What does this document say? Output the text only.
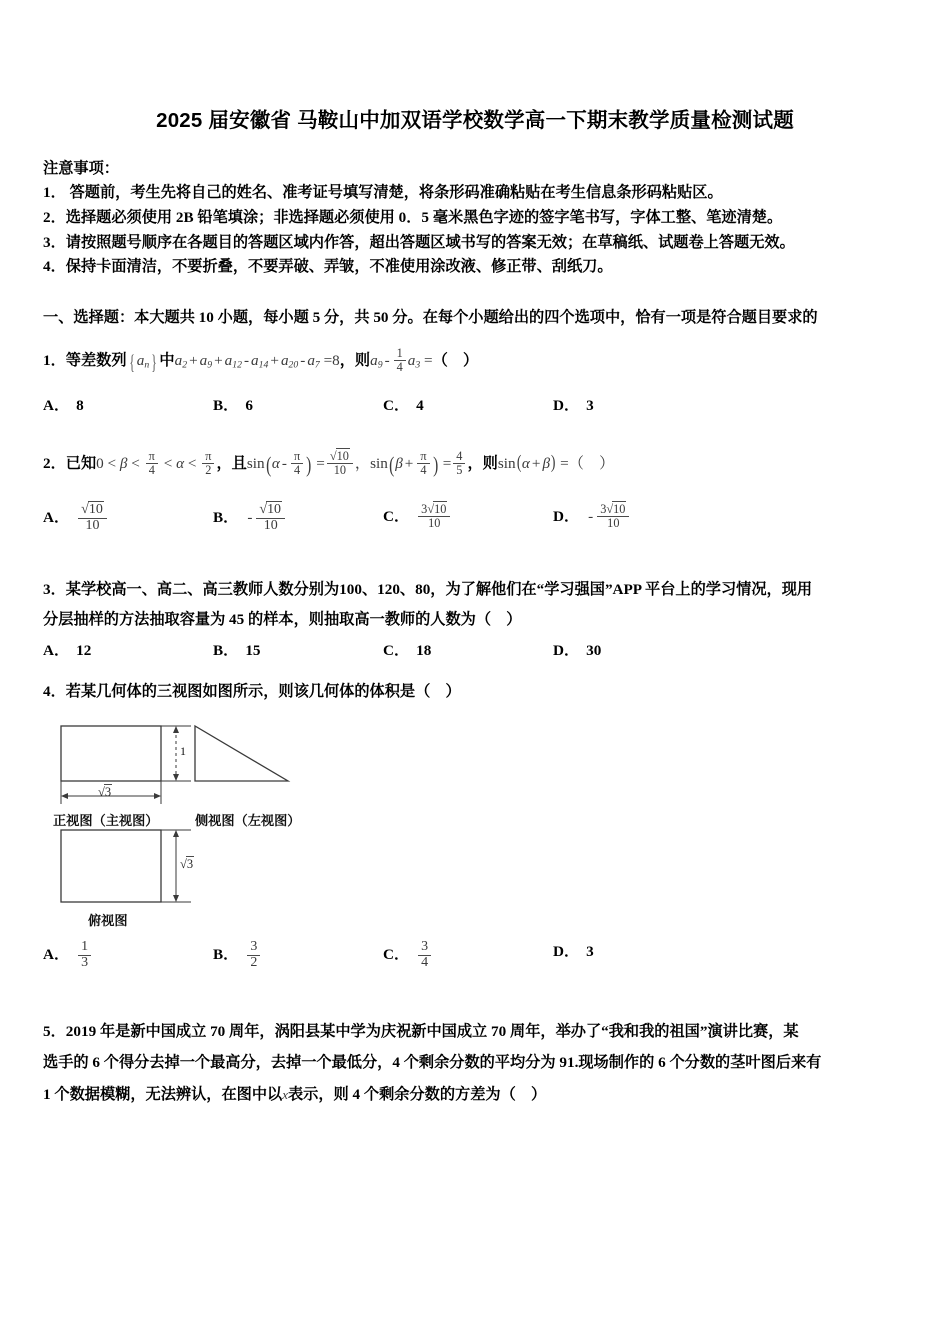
2025 届安徽省 马鞍山中加双语学校数学高一下期末教学质量检测试题
注意事项：
1． 答题前，考生先将自己的姓名、准考证号填写清楚，将条形码准确粘贴在考生信息条形码粘贴区。
2．选择题必须使用 2B 铅笔填涂；非选择题必须使用 0．5 毫米黑色字迹的签字笔书写，字体工整、笔迹清楚。
3．请按照题号顺序在各题目的答题区域内作答，超出答题区域书写的答案无效；在草稿纸、试题卷上答题无效。
4．保持卡面清洁，不要折叠，不要弄破、弄皱，不准使用涂改液、修正带、刮纸刀。
一、选择题：本大题共 10 小题，每小题 5 分，共 50 分。在每个小题给出的四个选项中，恰有一项是符合题目要求的
1．等差数列 { $a_n$ } 中$a_2 + a_9 + a_{12} - a_{14} + a_{20} - a_7 =8$，则$a_9 - \frac{1}{4} a_3$ =（　）
A． 8	B． 6	C． 4	D． 3
2．已知$0 < \beta < \frac{\pi}{4} < \alpha < \frac{\pi}{2}$ ，且$\sin(\alpha - \frac{\pi}{4}$ ) = $\frac{√10}{10}$ ，$\sin(\beta + \frac{\pi}{4}$ ) = $\frac{4}{5}$ ，则sin(α + β) =（　）
A． $\frac{√10}{10}$	B． - $\frac{√10}{10}$	C． $\frac{3√10}{10}$	D． - $\frac{3√10}{10}$
3．某学校高一、高二、高三教师人数分别为100、120、80，为了解他们在“学习强国”APP 平台上的学习情况，现用
分层抽样的方法抽取容量为 45 的样本，则抽取高一教师的人数为（　）
A． 12	B． 15	C． 18	D． 30
4．若某几何体的三视图如图所示，则该几何体的体积是（　）
1
√3
√3
正视图（主视图）	侧视图（左视图）
俯视图
A． $\frac{1}{3}$	B． $\frac{3}{2}$	C． $\frac{3}{4}$	D． 3
5．2019 年是新中国成立 70 周年，涡阳县某中学为庆祝新中国成立 70 周年，举办了“我和我的祖国”演讲比赛，某
选手的 6 个得分去掉一个最高分，去掉一个最低分，4 个剩余分数的平均分为 91.现场制作的 6 个分数的茎叶图后来有
1 个数据模糊，无法辨认，在图中以x表示，则 4 个剩余分数的方差为（　）
